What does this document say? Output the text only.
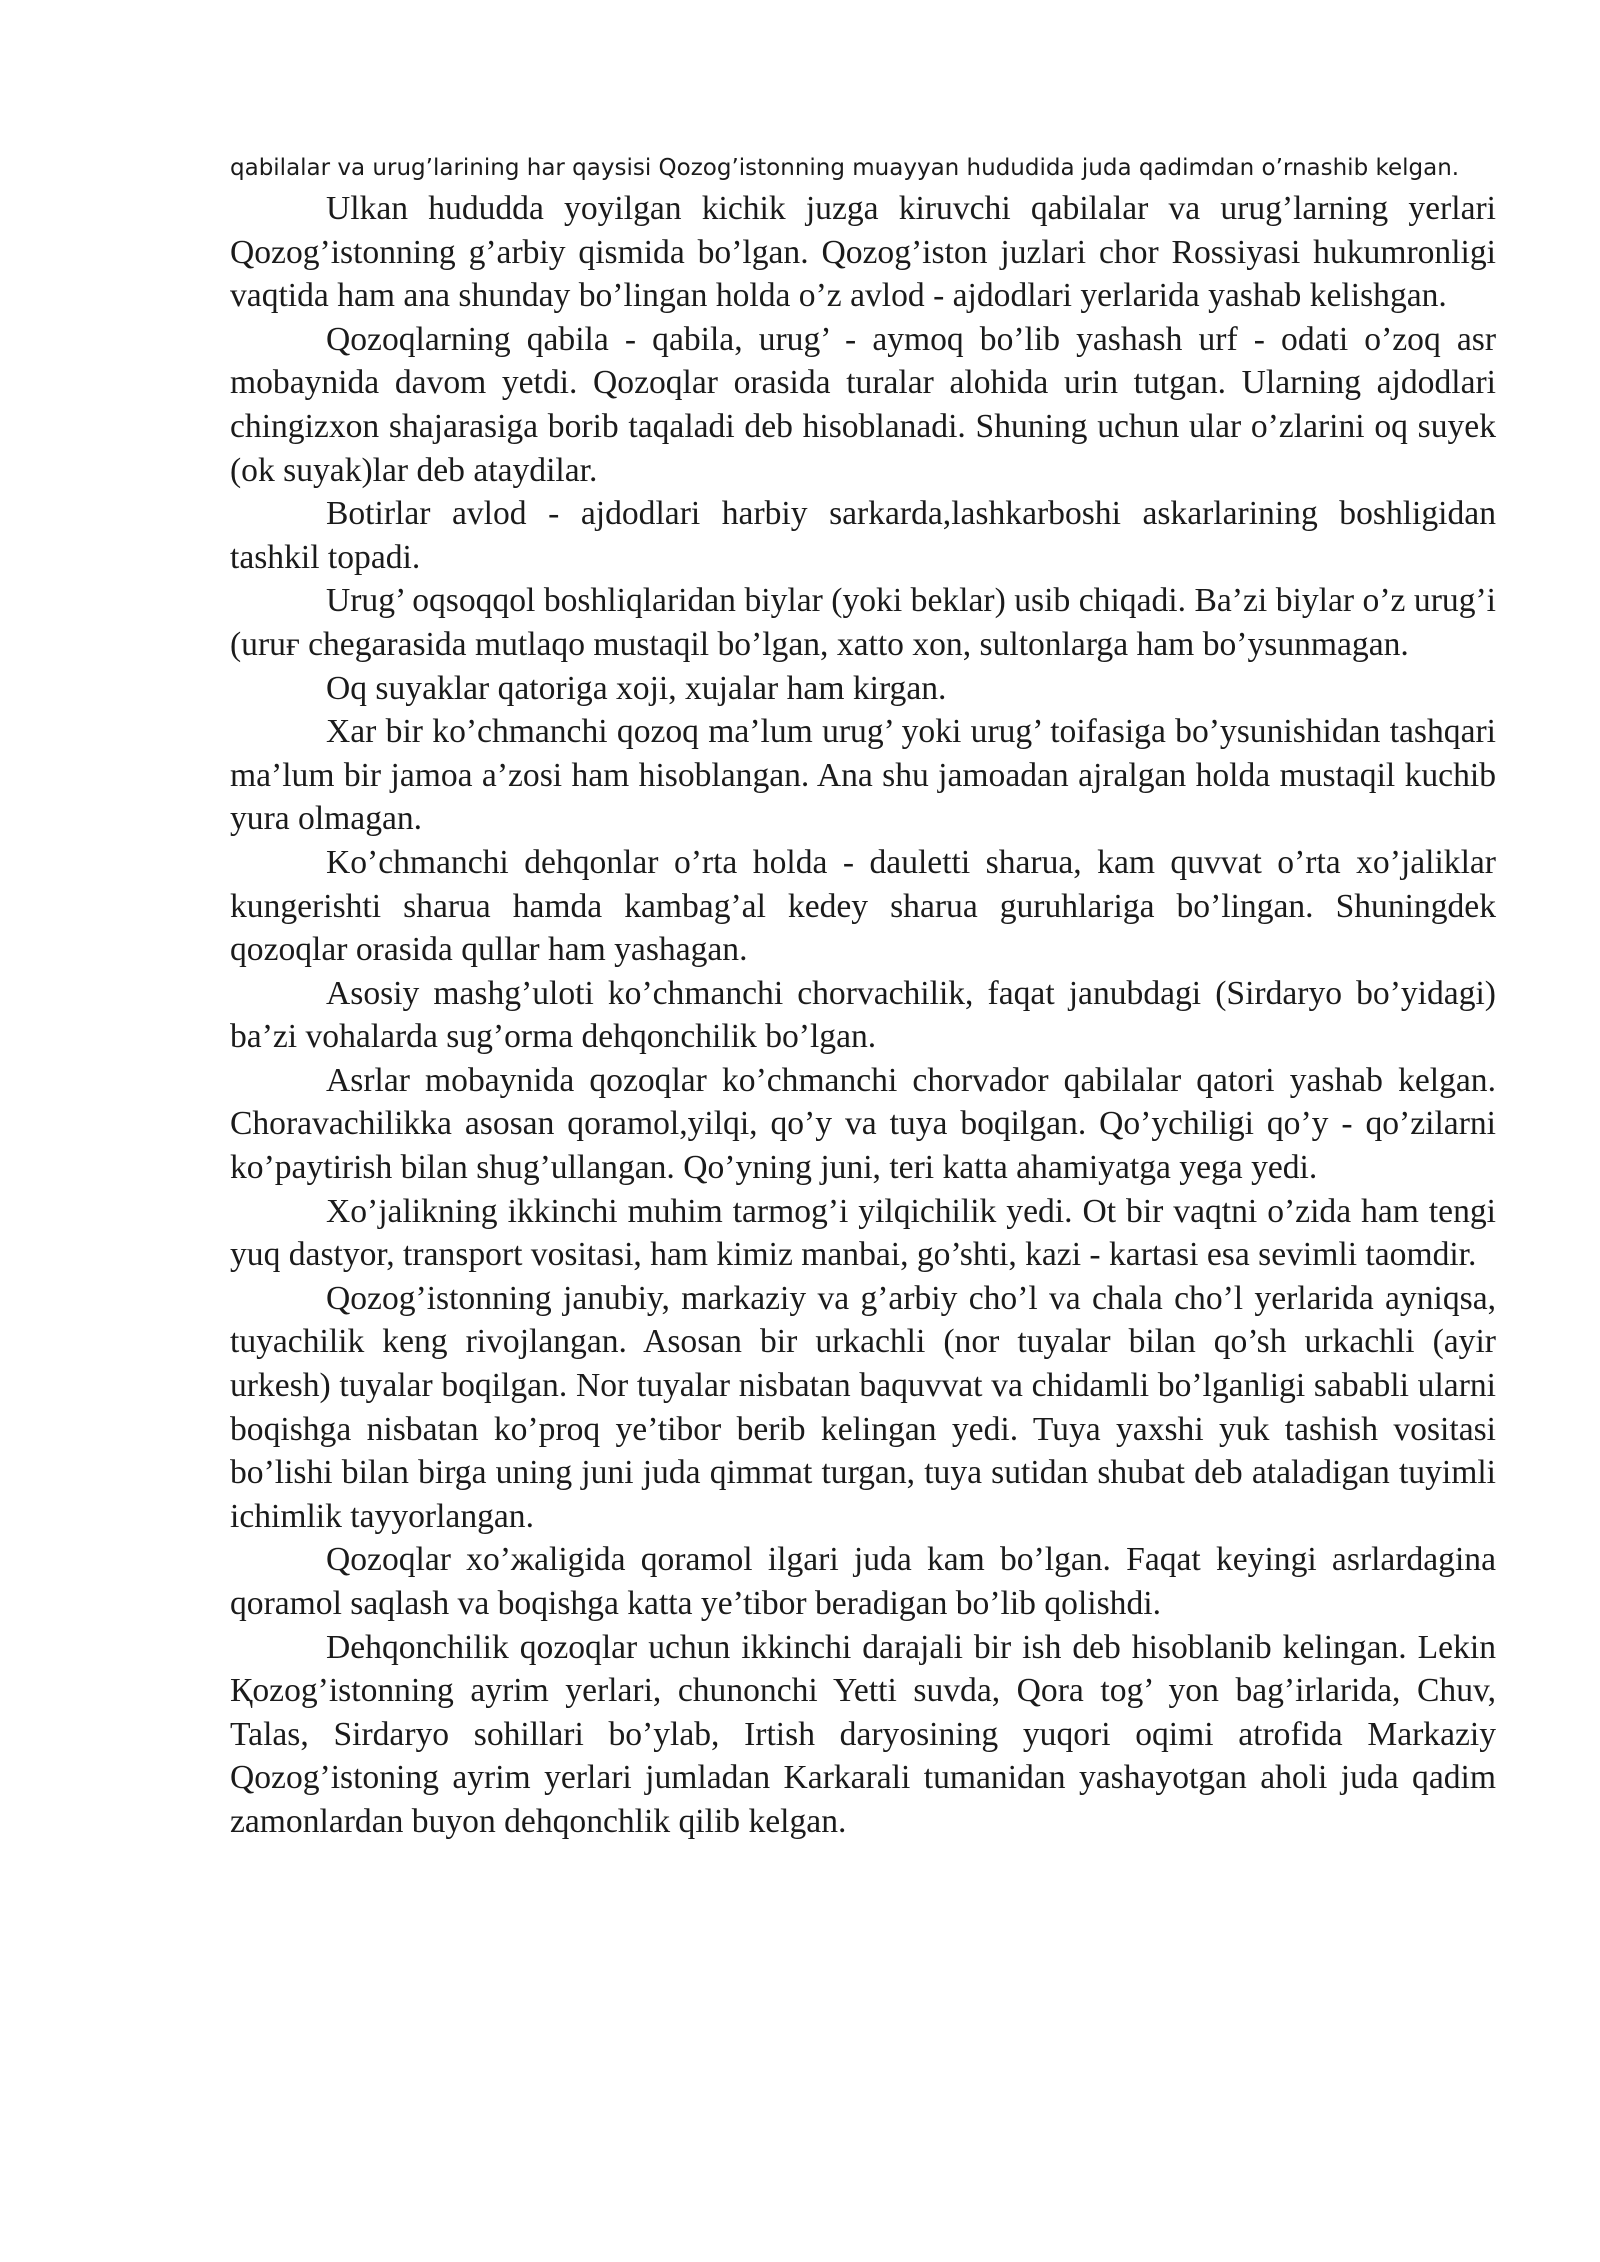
qabilalar va urug’larining har qaysisi Qozog’istonning muayyan hududida juda qadimdan o’rnashib kelgan.

Ulkan hududda yoyilgan kichik juzga kiruvchi qabilalar va urug’larning yerlari Qozog’istonning g’arbiy qismida bo’lgan. Qozog’iston juzlari chor Rossiyasi hukumronligi vaqtida ham ana shunday bo’lingan holda o’z avlod - ajdodlari yerlarida yashab kelishgan.

Qozoqlarning qabila - qabila, urug’ - aymoq bo’lib yashash urf - odati o’zoq asr mobaynida davom yetdi. Qozoqlar orasida turalar alohida urin tutgan. Ularning ajdodlari chingizxon shajarasiga borib taqaladi deb hisoblanadi. Shuning uchun ular o’zlarini oq suyek (ok suyak)lar deb ataydilar.

Botirlar avlod - ajdodlari harbiy sarkarda,lashkarboshi askarlarining boshligidan tashkil topadi.

Urug’ oqsoqqol boshliqlaridan biylar (yoki beklar) usib chiqadi. Ba’zi biylar o’z urug’i (uruғ chegarasida mutlaqo mustaqil bo’lgan, xatto xon, sultonlarga ham bo’ysunmagan.

Oq suyaklar qatoriga xoji, xujalar ham kirgan.

Xar bir ko’chmanchi qozoq ma’lum urug’ yoki urug’ toifasiga bo’ysunishidan tashqari ma’lum bir jamoa a’zosi ham hisoblangan. Ana shu jamoadan ajralgan holda mustaqil kuchib yura olmagan.

Ko’chmanchi dehqonlar o’rta holda - dauletti sharua, kam quvvat o’rta xo’jaliklar kungerishti sharua hamda kambag’al kedey sharua guruhlariga bo’lingan. Shuningdek qozoqlar orasida qullar ham yashagan.

Asosiy mashg’uloti ko’chmanchi chorvachilik, faqat janubdagi (Sirdaryo bo’yidagi) ba’zi vohalarda sug’orma dehqonchilik bo’lgan.

Asrlar mobaynida qozoqlar ko’chmanchi chorvador qabilalar qatori yashab kelgan. Choravachilikka asosan qoramol,yilqi, qo’y va tuya boqilgan. Qo’ychiligi qo’y - qo’zilarni ko’paytirish bilan shug’ullangan. Qo’yning juni, teri katta ahamiyatga yega yedi.

Xo’jalikning ikkinchi muhim tarmog’i yilqichilik yedi. Ot bir vaqtni o’zida ham tengi yuq dastyor, transport vositasi, ham kimiz manbai, go’shti, kazi - kartasi esa sevimli taomdir.

Qozog’istonning janubiy, markaziy va g’arbiy cho’l va chala cho’l yerlarida ayniqsa, tuyachilik keng rivojlangan. Asosan bir urkachli (nor tuyalar bilan qo’sh urkachli (ayir urkesh) tuyalar boqilgan. Nor tuyalar nisbatan baquvvat va chidamli bo’lganligi sababli ularni boqishga nisbatan ko’proq ye’tibor berib kelingan yedi. Tuya yaxshi yuk tashish vositasi bo’lishi bilan birga uning juni juda qimmat turgan, tuya sutidan shubat deb ataladigan tuyimli ichimlik tayyorlangan.

Qozoqlar xo’жaligida qoramol ilgari juda kam bo’lgan. Faqat keyingi asrlardagina qoramol saqlash va boqishga katta ye’tibor beradigan bo’lib qolishdi.

Dehqonchilik qozoqlar uchun ikkinchi darajali bir ish deb hisoblanib kelingan. Lekin Қozog’istonning ayrim yerlari, chunonchi Yetti suvda, Qora tog’ yon bag’irlarida, Chuv, Talas, Sirdaryo sohillari bo’ylab, Irtish daryosining yuqori oqimi atrofida Markaziy Qozog’istoning ayrim yerlari jumladan Karkarali tumanidan yashayotgan aholi juda qadim zamonlardan buyon dehqonchlik qilib kelgan.
